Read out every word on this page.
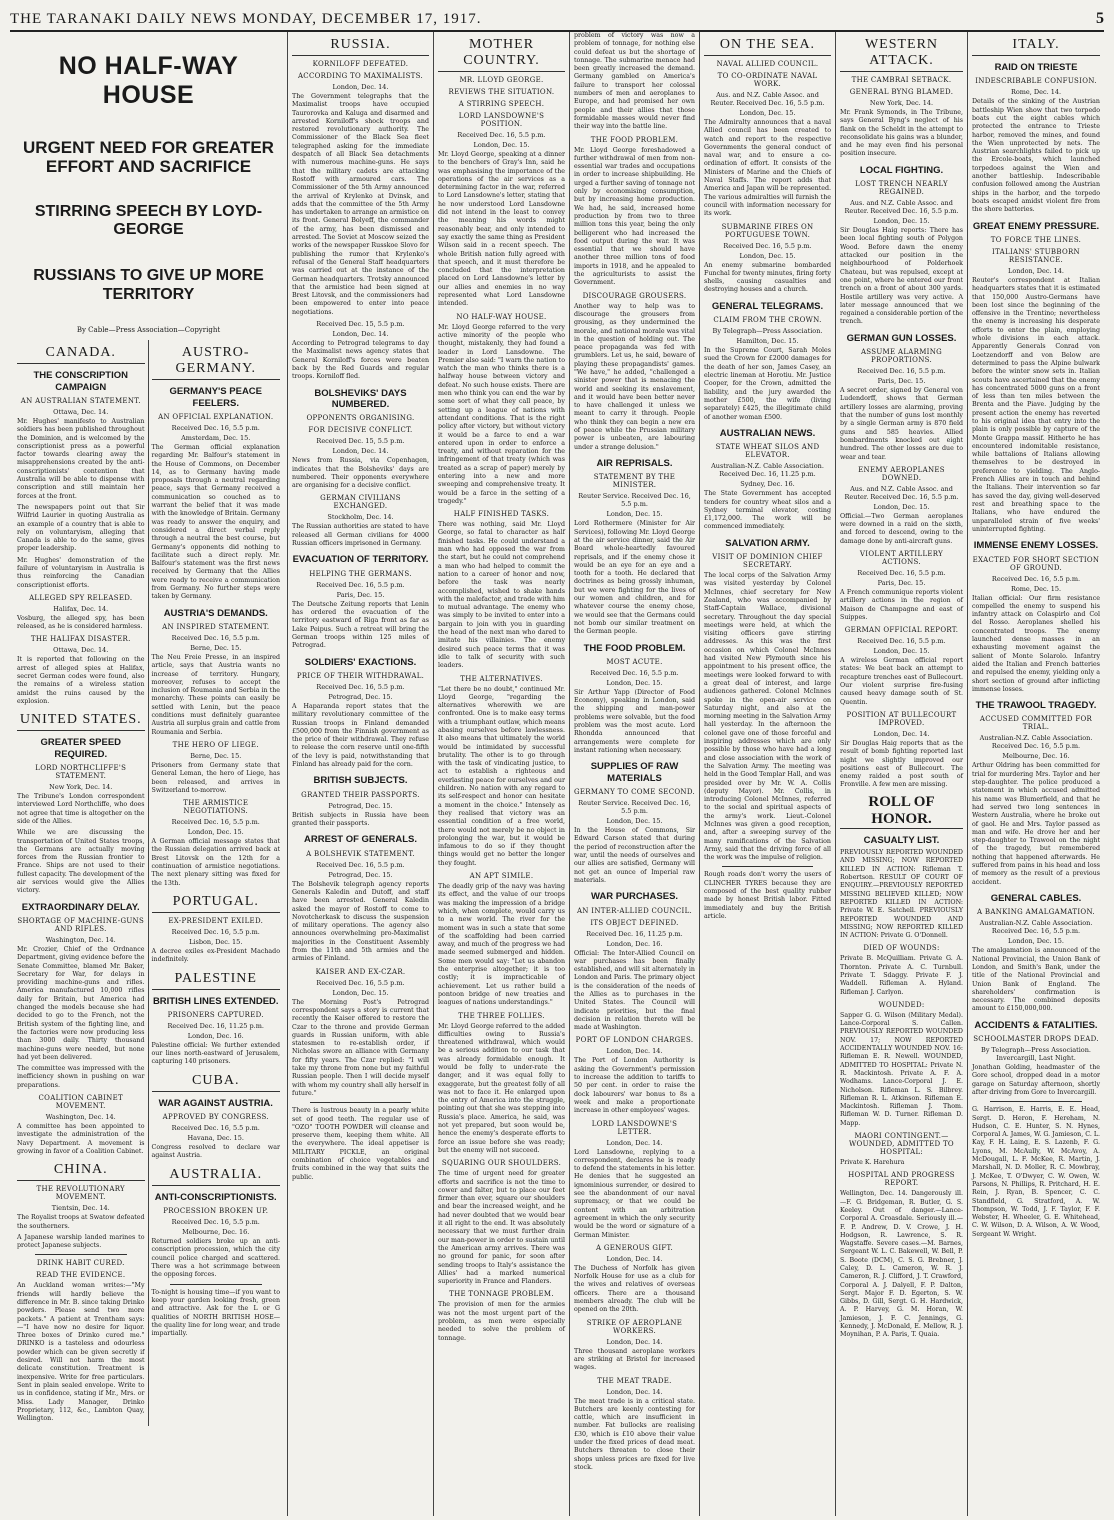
THE TARANAKI DAILY NEWS MONDAY, DECEMBER 17, 1917.	5
NO HALF-WAY HOUSE
URGENT NEED FOR GREATER EFFORT AND SACRIFICE
STIRRING SPEECH BY LOYD-GEORGE
RUSSIANS TO GIVE UP MORE TERRITORY
By Cable—Press Association—Copyright
CANADA.
THE CONSCRIPTION CAMPAIGN
AN AUSTRALIAN STATEMENT.
Ottawa, Dec. 14.

Mr. Hughes' manifesto to Australian soldiers has been published throughout the Dominion, and is welcomed by the conscriptionist press as a powerful factor towards clearing away the misapprehensions created by the anti-conscriptionists' contention that Australia will be able to dispense with conscription and still maintain her forces at the front.

The newspapers point out that Sir Wilfrid Laurier in quoting Australia as an example of a country that is able to rely on voluntaryism, alleging that Canada is able to do the same, gives proper leadership.

Mr. Hughes' demonstration of the failure of voluntaryism in Australia is thus reinforcing the Canadian conscriptionist efforts.

ALLEGED SPY RELEASED.
Halifax, Dec. 14.

Vosburg, the alleged spy, has been released, as he is considered harmless.

THE HALIFAX DISASTER.
Ottawa, Dec. 14.

It is reported that following on the arrest of alleged spies at Halifax, secret German codes were found, also the remains of a wireless station amidst the ruins caused by the explosion.

UNITED STATES.
GREATER SPEED REQUIRED.
LORD NORTHCLIFFE'S STATEMENT.
New York, Dec. 14.

The Tribune's London correspondent interviewed Lord Northcliffe, who does not agree that time is altogether on the side of the Allies.

While we are discussing the transportation of United States troops, the Germans are actually moving forces from the Russian frontier to France. Ships are not used to their fullest capacity. The development of the air services would give the Allies victory.

EXTRAORDINARY DELAY.
SHORTAGE OF MACHINE-GUNS AND RIFLES.
Washington, Dec. 14.

Mr. Crozier, Chief of the Ordnance Department, giving evidence before the Senate Committee, blamed Mr. Baker, Secretary for War, for delays in providing machine-guns and rifles. America manufactured 10,000 rifles daily for Britain, but America had changed the models because she had decided to go to the French, not the British system of the fighting line, and the factories were now producing less than 3000 daily. Thirty thousand machine-guns were needed, but none had yet been delivered.

The committee was impressed with the inefficiency shown in pushing on war preparations.

COALITION CABINET MOVEMENT.
Washington, Dec. 14.

A committee has been appointed to investigate the administration of the Navy Department. A movement is growing in favor of a Coalition Cabinet.

CHINA.
THE REVOLUTIONARY MOVEMENT.
Tientsin, Dec. 14.

The Royalist troops at Swatow defeated the southerners.

A Japanese warship landed marines to protect Japanese subjects.

DRINK HABIT CURED.
READ THE EVIDENCE.

An Auckland woman writes:—"My friends will hardly believe the difference in Mr. B. since taking Drinko powders. Please send two more packets." A patient at Trentham says:—"I have now no desire for liquor. Three boxes of Drinko cured me." DRINKO is a tasteless and odourless powder which can be given secretly if desired. Will not harm the most delicate constitution. Treatment is inexpensive. Write for free particulars. Sent in plain sealed envelope. Write to us in confidence, stating if Mr., Mrs. or Miss. Lady Manager, Drinko Proprietary, 112, &c., Lambton Quay, Wellington.

AUSTRO-GERMANY.
GERMANY'S PEACE FEELERS.
AN OFFICIAL EXPLANATION.
Received Dec. 16, 5.5 p.m.
Amsterdam, Dec. 15.

The German official explanation regarding Mr. Balfour's statement in the House of Commons, on December 14, as to Germany having made proposals through a neutral regarding peace, says that Germany received a communication so couched as to warrant the belief that it was made with the knowledge of Britain. Germany was ready to answer the enquiry, and considered a direct verbal reply through a neutral the best course, but Germany's opponents did nothing to facilitate such a direct reply. Mr. Balfour's statement was the first news received by Germany that the Allies were ready to receive a communication from Germany. No further steps were taken by Germany.

AUSTRIA'S DEMANDS.
AN INSPIRED STATEMENT.
Received Dec. 16, 5.5 p.m.
Berne, Dec. 15.

The Neu Freie Presse, in an inspired article, says that Austria wants no increase of territory. Hungary, moreover, refuses to accept the inclusion of Roumania and Serbia in the monarchy. These points can easily be settled with Lenin, but the peace conditions must definitely guarantee Austria all surplus grain and cattle from Roumania and Serbia.

THE HERO OF LIEGE.
Berne, Dec. 15.

Prisoners from Germany state that General Leman, the hero of Liege, has been released, and arrives in Switzerland to-morrow.

THE ARMISTICE NEGOTIATIONS.
Received Dec. 16, 5.5 p.m.
London, Dec. 15.

A German official message states that the Russian delegation arrived back at Brest Litovsk on the 12th for a continuation of armistice negotiations. The next plenary sitting was fixed for the 13th.

PORTUGAL.
EX-PRESIDENT EXILED.
Received Dec. 16, 5.5 p.m.
Lisbon, Dec. 15.

A decree exiles ex-President Machado indefinitely.

PALESTINE
BRITISH LINES EXTENDED.
PRISONERS CAPTURED.
Received Dec. 16, 11.25 p.m.
London, Dec. 16.

Palestine official: We further extended our lines north-eastward of Jerusalem, capturing 140 prisoners.

CUBA.
WAR AGAINST AUSTRIA.
APPROVED BY CONGRESS.
Received Dec. 16, 5.5 p.m.
Havana, Dec. 15.

Congress resolved to declare war against Austria.

AUSTRALIA.
ANTI-CONSCRIPTIONISTS.
PROCESSION BROKEN UP.
Received Dec. 16, 5.5 p.m.
Melbourne, Dec. 16.

Returned soldiers broke up an anti-conscription procession, which the city council police charged and scattered. There was a hot scrimmage between the opposing forces.

To-night is housing time—if you want to keep your garden looking fresh, green and attractive. Ask for the L or G qualities of NORTH BRITISH HOSE—the quality line for long wear, and trade impartially.

RUSSIA.
KORNILOFF DEFEATED.
ACCORDING TO MAXIMALISTS.
London, Dec. 14.

The Government telegraphs that the Maximalist troops have occupied Taurorovka and Kaluga and disarmed and arrested Korniloff's shock troops and restored revolutionary authority. The Commissioner of the Black Sea fleet telegraphed asking for the immediate despatch of all Black Sea detachments with numerous machine-guns. He says that the military cadets are attacking Rostoff with armoured cars. The Commissioner of the 5th Army announced the arrival of Krylenko at Dvinsk, and adds that the committee of the 5th Army has undertaken to arrange an armistice on its front. General Bolyeff, the commander of the army, has been dismissed and arrested. The Soviet at Moscow seized the works of the newspaper Russkoe Slovo for publishing the rumor that Krylenko's refusal of the General Staff headquarters was carried out at the instance of the German headquarters. Trotsky announced that the armistice had been signed at Brest Litovsk, and the commissioners had been empowered to enter into peace negotiations.

Received Dec. 15, 5.5 p.m.
London, Dec. 14.

According to Petrograd telegrams to day the Maximalist news agency states that General Korniloff's forces were beaten back by the Red Guards and regular troops. Korniloff fled.

BOLSHEVIKS' DAYS NUMBERED.
OPPONENTS ORGANISING.
FOR DECISIVE CONFLICT.
Received Dec. 15, 5.5 p.m.
London, Dec. 14.

News from Russia, via Copenhagen, indicates that the Bolsheviks' days are numbered. Their opponents everywhere are organising for a decisive conflict.

GERMAN CIVILIANS EXCHANGED.
Stockholm, Dec. 14.

The Russian authorities are stated to have released all German civilians for 4000 Russian officers imprisoned in Germany.

EVACUATION OF TERRITORY.
HELPING THE GERMANS.
Received Dec. 16, 5.5 p.m.
Paris, Dec. 15.

The Deutsche Zeitung reports that Lenin has ordered the evacuation of the territory eastward of Riga front as far as Lake Peipus. Such a retreat will bring the German troops within 125 miles of Petrograd.

SOLDIERS' EXACTIONS.
PRICE OF THEIR WITHDRAWAL.
Received Dec. 16, 5.5 p.m.
Petrograd, Dec. 15.

A Haparanda report states that the military revolutionary committee of the Russian troops in Finland demanded £500,000 from the Finnish government as the price of their withdrawal. They refuse to release the corn reserve until one-fifth of the levy is paid, notwithstanding that Finland has already paid for the corn.

BRITISH SUBJECTS.
GRANTED THEIR PASSPORTS.
Petrograd, Dec. 15.

British subjects in Russia have been granted their passports.

ARREST OF GENERALS.
A BOLSHEVIK STATEMENT.
Received Dec. 16, 5.5 p.m.
Petrograd, Dec. 15.

The Bolshevik telegraph agency reports Generals Kaledin and Dutoff, and staff have been arrested. General Kaledin asked the mayor of Rostoff to come to Novotcherkask to discuss the suspension of military operations. The agency also announces overwhelming pro-Maximalist majorities in the Constituent Assembly from the 11th and 5th armies and the armies of Finland.

KAISER AND EX-CZAR.
Received Dec. 16, 5.5 p.m.
London, Dec. 15.

The Morning Post's Petrograd correspondent says a story is current that recently the Kaiser offered to restore the Czar to the throne and provide German guards in Russian uniform, with able statesmen to re-establish order, if Nicholas swore an alliance with Germany for fifty years. The Czar replied: "I will take my throne from none but my faithful Russian people. Then I will decide myself with whom my country shall ally herself in future."

There is lustrous beauty in a pearly white set of good teeth. The regular use of "OZO" TOOTH POWDER will cleanse and preserve them, keeping them white. All the everywhere. The ideal appetiser is MILITARY PICKLE, an original combination of choice vegetables and fruits combined in the way that suits the public.

MOTHER COUNTRY.
MR. LLOYD GEORGE.
REVIEWS THE SITUATION.
A STIRRING SPEECH.
LORD LANSDOWNE'S POSITION.
Received Dec. 16, 5.5 p.m.
London, Dec. 15.

Mr. Lloyd George, speaking at a dinner to the benchers of Gray's Inn, said he was emphasising the importance of the operations of the air services as a determining factor in the war, referred to Lord Lansdowne's letter, stating that he now understood Lord Lansdowne did not intend in the least to convey the meaning his words might reasonably bear, and only intended to say exactly the same thing as President Wilson said in a recent speech. The whole British nation fully agreed with that speech, and it must therefore be concluded that the interpretation placed on Lord Lansdowne's letter by our allies and enemies in no way represented what Lord Lansdowne intended.

NO HALF-WAY HOUSE.

Mr. Lloyd George referred to the very active minority of the people who thought, mistakenly, they had found a leader in Lord Lansdowne. The Premier also said: "I warn the nation to watch the man who thinks there is a halfway house between victory and defeat. No such house exists. There are men who think you can end the war by some sort of what they call peace, by setting up a league of nations with attendant conditions. That is the right policy after victory, but without victory it would be a farce to end a war entered upon in order to enforce a treaty, and without reparation for the infringement of that treaty (which was treated as a scrap of paper) merely by entering into a new and more sweeping and comprehensive treaty. It would be a farce in the setting of a tragedy."

HALF FINISHED TASKS.

There was nothing, said Mr. Lloyd George, so fatal to character as half finished tasks. He could understand a man who had opposed the war from the start, but he could not comprehend a man who had helped to commit the nation to a career of honor and now, before the task was nearly accomplished, wished to shake hands with the malefactor, and trade with him to mutual advantage. The enemy who was simply to be invited to enter into a bargain to join with you in guarding the head of the next man who dared to imitate his villainies. The enemy desired such peace terms that it was idle to talk of security with such leaders.

THE ALTERNATIVES.

"Let there be no doubt," continued Mr. Lloyd George, "regarding the alternatives wherewith we are confronted. One is to make easy terms with a triumphant outlaw, which means abasing ourselves before lawlessness. It also means that ultimately the world would be intimidated by successful brutality. The other is to go through with the task of vindicating justice, to act to establish a righteous and everlasting peace for ourselves and our children. No nation with any regard to its self-respect and honor can hesitate a moment in the choice." Intensely as they realised that victory was an essential condition of a free world, there would not merely be no object in prolonging the war, but it would be infamous to do so if they thought things would get no better the longer they fought.

AN APT SIMILE.

The deadly grip of the navy was having its effect, and the value of our troops was making the impression of a bridge which, when complete, would carry us to a new world. The river for the moment was in such a state that some of the scaffolding had been carried away, and much of the progress we had made seemed submerged and hidden. Some men would say: "Let us abandon the enterprise altogether; it is too costly; it is impracticable of achievement. Let us rather build a pontoon bridge of new treaties and leagues of nations understandings."

THE THREE FOLLIES.

Mr. Lloyd George referred to the added difficulties owing to Russia's threatened withdrawal, which would be a serious addition to our task that was already formidable enough. It would be folly to under-rate the danger, and it was equal folly to exaggerate, but the greatest folly of all was not to face it. He enlarged upon the entry of America into the struggle, pointing out that she was stepping into Russia's place. America, he said, was not yet prepared, but soon would be, hence the enemy's desperate efforts to force an issue before she was ready; but the enemy will not succeed.

SQUARING OUR SHOULDERS.

The time of urgent need for greater efforts and sacrifice is not the time to cower and falter, but to place our feet firmer than ever, square our shoulders and bear the increased weight, and he had never doubted that we would bear it all right to the end. It was absolutely necessary that we must further drain our man-power in order to sustain until the American army arrives. There was no ground for panic, for soon after sending troops to Italy's assistance the Allies' had a marked numerical superiority in France and Flanders.

THE TONNAGE PROBLEM.

The provision of men for the armies was not the most urgent part of the problem, as men were especially needed to solve the problem of tonnage.

problem of victory was now a problem of tonnage, for nothing else could defeat us but the shortage of tonnage. The submarine menace had been greatly increased the demand. Germany gambled on America's failure to transport her colossal numbers of men and aeroplanes to Europe, and had promised her own people and their allies that those formidable masses would never find their way into the battle line.

THE FOOD PROBLEM.

Mr. Lloyd George foreshadowed a further withdrawal of men from non-essential war trades and occupations in order to increase shipbuilding. He urged a further saving of tonnage not only by economising consumption, but by increasing home production. We had, he said, increased home production by from two to three million tons this year, being the only belligerent who had increased the food output during the war. It was essential that we should have another three million tons of food imports in 1918, and he appealed to the agriculturists to assist the Government.

DISCOURAGE GROUSERS.

Another way to help was to discourage the grousers from grousing, as they undermined the morale, and national morale was vital in the question of holding out. The peace propaganda was fed with grumblers. Let us, he said, beware of playing these propagandists' games. "We have," he added, "challenged a sinister power that is menacing the world and seeking its enslavement, and it would have been better never to have challenged it unless we meant to carry it through. People who think they can begin a new era of peace while the Prussian military power is unbeaten, are labouring under a strange delusion."

AIR REPRISALS.
STATEMENT BY THE MINISTER.
Reuter Service. Received Dec. 16, 5.5 p.m.
London, Dec. 15.

Lord Rothermere (Minister for Air Services), following Mr. Lloyd George at the air service dinner, said the Air Board whole-heartedly favoured reprisals, and if the enemy chose it would be an eye for an eye and a tooth for a tooth. He declared that doctrines as being grossly inhuman, but we were fighting for the lives of our women and children, and for whatever course the enemy chose, we would see that the Germans could not bomb our similar treatment on the German people.

THE FOOD PROBLEM.
MOST ACUTE.
Received Dec. 16, 5.5 p.m.
London, Dec. 15.

Sir Arthur Yapp (Director of Food Economy), speaking in London, said the shipping and man-power problems were solvable, but the food problem was the most acute. Lord Rhondda announced that arrangements were complete for instant rationing when necessary.

SUPPLIES OF RAW MATERIALS
GERMANY TO COME SECOND.
Reuter Service. Received Dec. 16, 5.5 p.m.
London, Dec. 15.

In the House of Commons, Sir Edward Carson stated that during the period of reconstruction after the war, until the needs of ourselves and our allies are satisfied, Germany will not get an ounce of Imperial raw materials.

WAR PURCHASES.
AN INTER-ALLIED COUNCIL.
ITS OBJECT DEFINED.
Received Dec. 16, 11.25 p.m.
London, Dec. 16.

Official: The Inter-Allied Council on war purchases has been finally established, and will sit alternately in London and Paris. The primary object is the consideration of the needs of the Allies as to purchases in the United States. The Council will indicate priorities, but the final decision in relation thereto will be made at Washington.

PORT OF LONDON CHARGES.
London, Dec. 14.

The Port of London Authority is asking the Government's permission to increase the addition to tariffs to 50 per cent. in order to raise the dock labourers' war bonus to 8s a week and make a proportionate increase in other employees' wages.

LORD LANSDOWNE'S LETTER.
London, Dec. 14.

Lord Lansdowne, replying to a correspondent, declares he is ready to defend the statements in his letter. He denies that he suggested an ignominious surrender, or desired to see the abandonment of our naval supremacy, or that we could be content with an arbitration agreement in which the only security would be the word or signature of a German Minister.

A GENEROUS GIFT.
London, Dec. 14.

The Duchess of Norfolk has given Norfolk House for use as a club for the wives and relatives of overseas officers. There are a thousand members already. The club will be opened on the 20th.

STRIKE OF AEROPLANE WORKERS.
London, Dec. 14.

Three thousand aeroplane workers are striking at Bristol for increased wages.

THE MEAT TRADE.
London, Dec. 14.

The meat trade is in a critical state. Butchers are keenly contesting for cattle, which are insufficient in number. Fat bullocks are realising £30, which is £10 above their value under the fixed prices of dead meat. Butchers threaten to close their shops unless prices are fixed for live stock.

ON THE SEA.
NAVAL ALLIED COUNCIL.
TO CO-ORDINATE NAVAL WORK.
Aus. and N.Z. Cable Assoc. and Reuter. Received Dec. 16, 5.5 p.m.
London, Dec. 15.

The Admiralty announces that a naval Allied council has been created to watch and report to the respective Governments the general conduct of naval war, and to ensure a co-ordination of effort. It consists of the Ministers of Marine and the Chiefs of Naval Staffs. The report adds that America and Japan will be represented. The various admiralties will furnish the council with information necessary for its work.

SUBMARINE FIRES ON PORTUGUESE TOWN.
Received Dec. 16, 5.5 p.m.
London, Dec. 15.

An enemy submarine bombarded Funchal for twenty minutes, firing forty shells, causing casualties and destroying houses and a church.

GENERAL TELEGRAMS.
CLAIM FROM THE CROWN.
By Telegraph—Press Association.
Hamilton, Dec. 15.

In the Supreme Court, Sarah Moles sued the Crown for £2000 damages for the death of her son, James Casey, an electric lineman at Horotiu. Mr. Justice Cooper, for the Crown, admitted the liability, and the jury awarded the mother £500, the wife (living separately) £425, the illegitimate child of another woman £500.

AUSTRALIAN NEWS.
STATE WHEAT SILOS AND ELEVATOR.
Australian-N.Z. Cable Association. Received Dec. 16, 11.25 p.m.
Sydney, Dec. 16.

The State Government has accepted tenders for country wheat silos and a Sydney terminal elevator, costing £1,172,000. The work will be commenced immediately.

SALVATION ARMY.
VISIT OF DOMINION CHIEF SECRETARY.

The local corps of the Salvation Army was visited yesterday by Colonel McInnes, chief secretary for New Zealand, who was accompanied by Staff-Captain Wallace, divisional secretary. Throughout the day special meetings were held, at which the visiting officers gave stirring addresses. As this was the first occasion on which Colonel McInnes had visited New Plymouth since his appointment to his present office, the meetings were looked forward to with a great deal of interest, and large audiences gathered. Colonel McInnes spoke in the open-air service on Saturday night, and also at the morning meeting in the Salvation Army hall yesterday. In the afternoon the colonel gave one of those forceful and inspiring addresses which are only possible by those who have had a long and close association with the work of the Salvation Army. The meeting was held in the Good Templar Hall, and was presided over by Mr. W. A. Collis (deputy Mayor). Mr. Collis, in introducing Colonel McInnes, referred to the social and spiritual aspects of the army's work. Lieut.-Colonel McInnes was given a good reception, and, after a sweeping survey of the many ramifications of the Salvation Army, said that the driving force of all the work was the impulse of religion.

Rough roads don't worry the users of CLINCHER TYRES because they are composed of the best quality rubber made by honest British labor. Fitted immediately and buy the British article.

WESTERN ATTACK.
THE CAMBRAI SETBACK.
GENERAL BYNG BLAMED.
New York, Dec. 14.

Mr. Frank Symonds, in The Tribune, says General Byng's neglect of his flank on the Scheldt in the attempt to reconsolidate his gains was a blunder, and he may even find his personal position insecure.

LOCAL FIGHTING.
LOST TRENCH NEARLY REGAINED.
Aus. and N.Z. Cable Assoc. and Reuter. Received Dec. 16, 5.5 p.m.
London, Dec. 15.

Sir Douglas Haig reports: There has been local fighting south of Polygon Wood. Before dawn the enemy attacked our position in the neighbourhood of Polderhoek Chateau, but was repulsed, except at one point, where he entered our front trench on a front of about 300 yards. Hostile artillery was very active. A later message announced that we regained a considerable portion of the trench.

GERMAN GUN LOSSES.
ASSUME ALARMING PROPORTIONS.
Received Dec. 16, 5.5 p.m.
Paris, Dec. 15.

A secret order, signed by General von Ludendorff, shows that German artillery losses are alarming, proving that the number of guns lost monthly by a single German army is 870 field guns and 585 heavies. Allied bombardments knocked out eight hundred. The other losses are due to wear and tear.

ENEMY AEROPLANES DOWNED.
Aus. and N.Z. Cable Assoc. and Reuter. Received Dec. 16, 5.5 p.m.
London, Dec. 15.

Official.—Two German aeroplanes were downed in a raid on the sixth, and forced to descend, owing to the damage done by anti-aircraft guns.

VIOLENT ARTILLERY ACTIONS.
Received Dec. 16, 5.5 p.m.
Paris, Dec. 15.

A French communique reports violent artillery actions in the region of Maison de Champagne and east of Suippes.

GERMAN OFFICIAL REPORT.
Received Dec. 16, 5.5 p.m.
London, Dec. 15.

A wireless German official report states: We beat back an attempt to recapture trenches east of Bullecourt. Our violent surprise fire-fusing caused heavy damage south of St. Quentin.

POSITION AT BULLECOURT IMPROVED.
London, Dec. 14.

Sir Douglas Haig reports that as the result of bomb fighting reported last night we slightly improved our positions east of Bullecourt. The enemy raided a post south of Fronville. A few men are missing.

ROLL OF HONOR.
CASUALTY LIST.

PREVIOUSLY REPORTED WOUNDED AND MISSING; NOW REPORTED KILLED IN ACTION: Rifleman T. Robertson. RESULT OF COURT OF ENQUIRY.—PREVIOUSLY REPORTED MISSING BELIEVED KILLED; NOW REPORTED KILLED IN ACTION: Private W. E. Satchell. PREVIOUSLY REPORTED WOUNDED AND MISSING; NOW REPORTED KILLED IN ACTION: Private G. O'Donnell.

DIED OF WOUNDS:

Private B. McQuilliam. Private G. A. Thornton. Private A. C. Turnbull. Private T. Sdaggy. Private F. J. Waddell. Rifleman A. Hyland. Rifleman J. Carlyon.

WOUNDED:

Sapper G. G. Wilson (Military Medal). Lance-Corporal S. Callen. PREVIOUSLY REPORTED WOUNDED NOV. 17; NOW REPORTED ACCIDENTALLY WOUNDED NOV. 16: Rifleman E. R. Newell. WOUNDED, ADMITTED TO HOSPITAL: Private N. R. Mackintosh. Private A. F. A. Wodhams. Lance-Corporal J. E. Nicholson. Rifleman L. S. Bilbrey. Rifleman R. L. Atkinson. Rifleman E. Mackintosh. Rifleman J. Thom. Rifleman W. D. Turner. Rifleman D. Mapp.

MAORI CONTINGENT.—WOUNDED, ADMITTED TO HOSPITAL:

Private K. Harehura

HOSPITAL AND PROGRESS REPORT.

Wellington, Dec. 14. Dangerously ill.—F. G. Bridgeman, R. Butler, G. S. Keeley. Out of danger.—Lance-Corporal A. Croasdale. Seriously ill.—F. P. Andrew, D. V. Crowe, J. H. Hodgson, R. Lawrence, S. R. Wagstaffe. Severe cases.—M. Barnes, Sergeant W. L. C. Bakewell, W. Bell, P. S. Boote (DCM), C. S. G. Brebner, J. Caley, D. L. Cameron, W. R. J. Cameron, R. J. Clifford, J. T. Crawford, Corporal A. J. Dalyell, F. P. Dalton, Sergt. Major F. D. Egerton, S. W. Gibbs, D. Gill, Sergt. G. H. Hardwick, A. P. Harvey, G. M. Horan, W. Jamieson, J. F. C. Jennings, G. Kennedy, J. McDonald, E. Mellow, R. J. Moynihan, P. A. Paris, T. Quaia.

ITALY.
RAID ON TRIESTE
INDESCRIBABLE CONFUSION.
Rome, Dec. 14.

Details of the sinking of the Austrian battleship Wien show that two torpedo boats cut the eight cables which protected the entrance to Trieste harbor, removed the mines, and found the Wien unprotected by nets. The Austrian searchlights failed to pick up the Ercole-boats, which launched torpedoes against the Wien and another battleship. Indescribable confusion followed among the Austrian ships in the harbor, and the torpedo boats escaped amidst violent fire from the shore batteries.

GREAT ENEMY PRESSURE.
TO FORCE THE LINES.
ITALIANS' STUBBORN RESISTANCE.
London, Dec. 14.

Reuter's correspondent at Italian headquarters states that it is estimated that 150,000 Austro-Germans have been lost since the beginning of the offensive in the Trentino; nevertheless the enemy is increasing his desperate efforts to enter the plain, employing whole divisions in each attack. Apparently Generals Conrad von Loetzendorff and von Below are determined to pass the Alpine bulwark before the winter snow sets in. Italian scouts have ascertained that the enemy has concentrated 5000 guns on a front of less than ten miles between the Brenta and the Piave. Judging by the present action the enemy has reverted to his original idea that entry into the plain is only possible by capture of the Monte Grappa massif. Hitherto he has encountered indomitable resistance, while battalions of Italians allowing themselves to be destroyed in preference to yielding. The Anglo-French Allies are in touch and behind the Italians. Their intervention so far has saved the day, giving well-deserved rest and breathing space to the Italians, who have endured the unparalleled strain of five weeks' uninterrupted fighting.

IMMENSE ENEMY LOSSES.
EXACTED FOR SHORT SECTION OF GROUND.
Received Dec. 16, 5.5 p.m.
Rome, Dec. 15.

Italian official: Our firm resistance compelled the enemy to suspend his infantry attack on Colaspirlo and Col del Rosso. Aeroplanes shelled his concentrated troops. The enemy launched dense masses in an exhausting movement against the salient of Monte Solarolo. Infantry aided the Italian and French batteries and repulsed the enemy, yielding only a short section of ground after inflicting immense losses.

THE TRAWOOL TRAGEDY.
ACCUSED COMMITTED FOR TRIAL.
Australian-N.Z. Cable Association. Received Dec. 16, 5.5 p.m.
Melbourne, Dec. 16.

Arthur Oldring has been committed for trial for murdering Mrs. Taylor and her step-daughter. The police produced a statement in which accused admitted his name was Blumerfield, and that he had served two long sentences in Western Australia, where he broke out of gaol. He and Mrs. Taylor passed as man and wife. He drove her and her step-daughter to Trawool on the night of the tragedy, but remembered nothing that happened afterwards. He suffered from pains in his head and loss of memory as the result of a previous accident.

GENERAL CABLES.
A BANKING AMALGAMATION.
Australian-N.Z. Cable Association. Received Dec. 16, 5.5 p.m.
London, Dec. 15.

The amalgamation is announced of the National Provincial, the Union Bank of London, and Smith's Bank, under the title of the National Provincial and Union Bank of England. The shareholders' confirmation is necessary. The combined deposits amount to £150,000,000.

ACCIDENTS & FATALITIES.
SCHOOLMASTER DROPS DEAD.
By Telegraph—Press Association. Invercargill, Last Night.

Jonathan Golding, headmaster of the Gore school, dropped dead in a motor garage on Saturday afternoon, shortly after driving from Gore to Invercargill.

G. Harrison, E. Harris, E. E. Head, Sergt. D. Heron, F. Hereham, N. Hudson, C. E. Hunter, S. N. Hynes, Corporal A. James, W. G. Jamieson, C. L. Kay, F. H. Laing, E. S. Lazenb, F. G. Lyons, M. McAully, W. McAvoy, A. McDougall, L. F. McKee, R. Martin, J. Marshall, N. D. Moller, R. C. Mowbray, J. McKee, T. O'Dwyer, C. W. Owen, W. Parsons, N. Phillips, R. Pritchard, H. E. Rein, J. Ryan, B. Spencer, C. C. Standfield, G. Stratford, A. W. Thompson, W. Todd, J. F. Taylor, F. F. Webster, H. Wheeler, G. E. Whitehead, C. W. Wilson, D. A. Wilson, A. W. Wood, Sergeant W. Wright.
